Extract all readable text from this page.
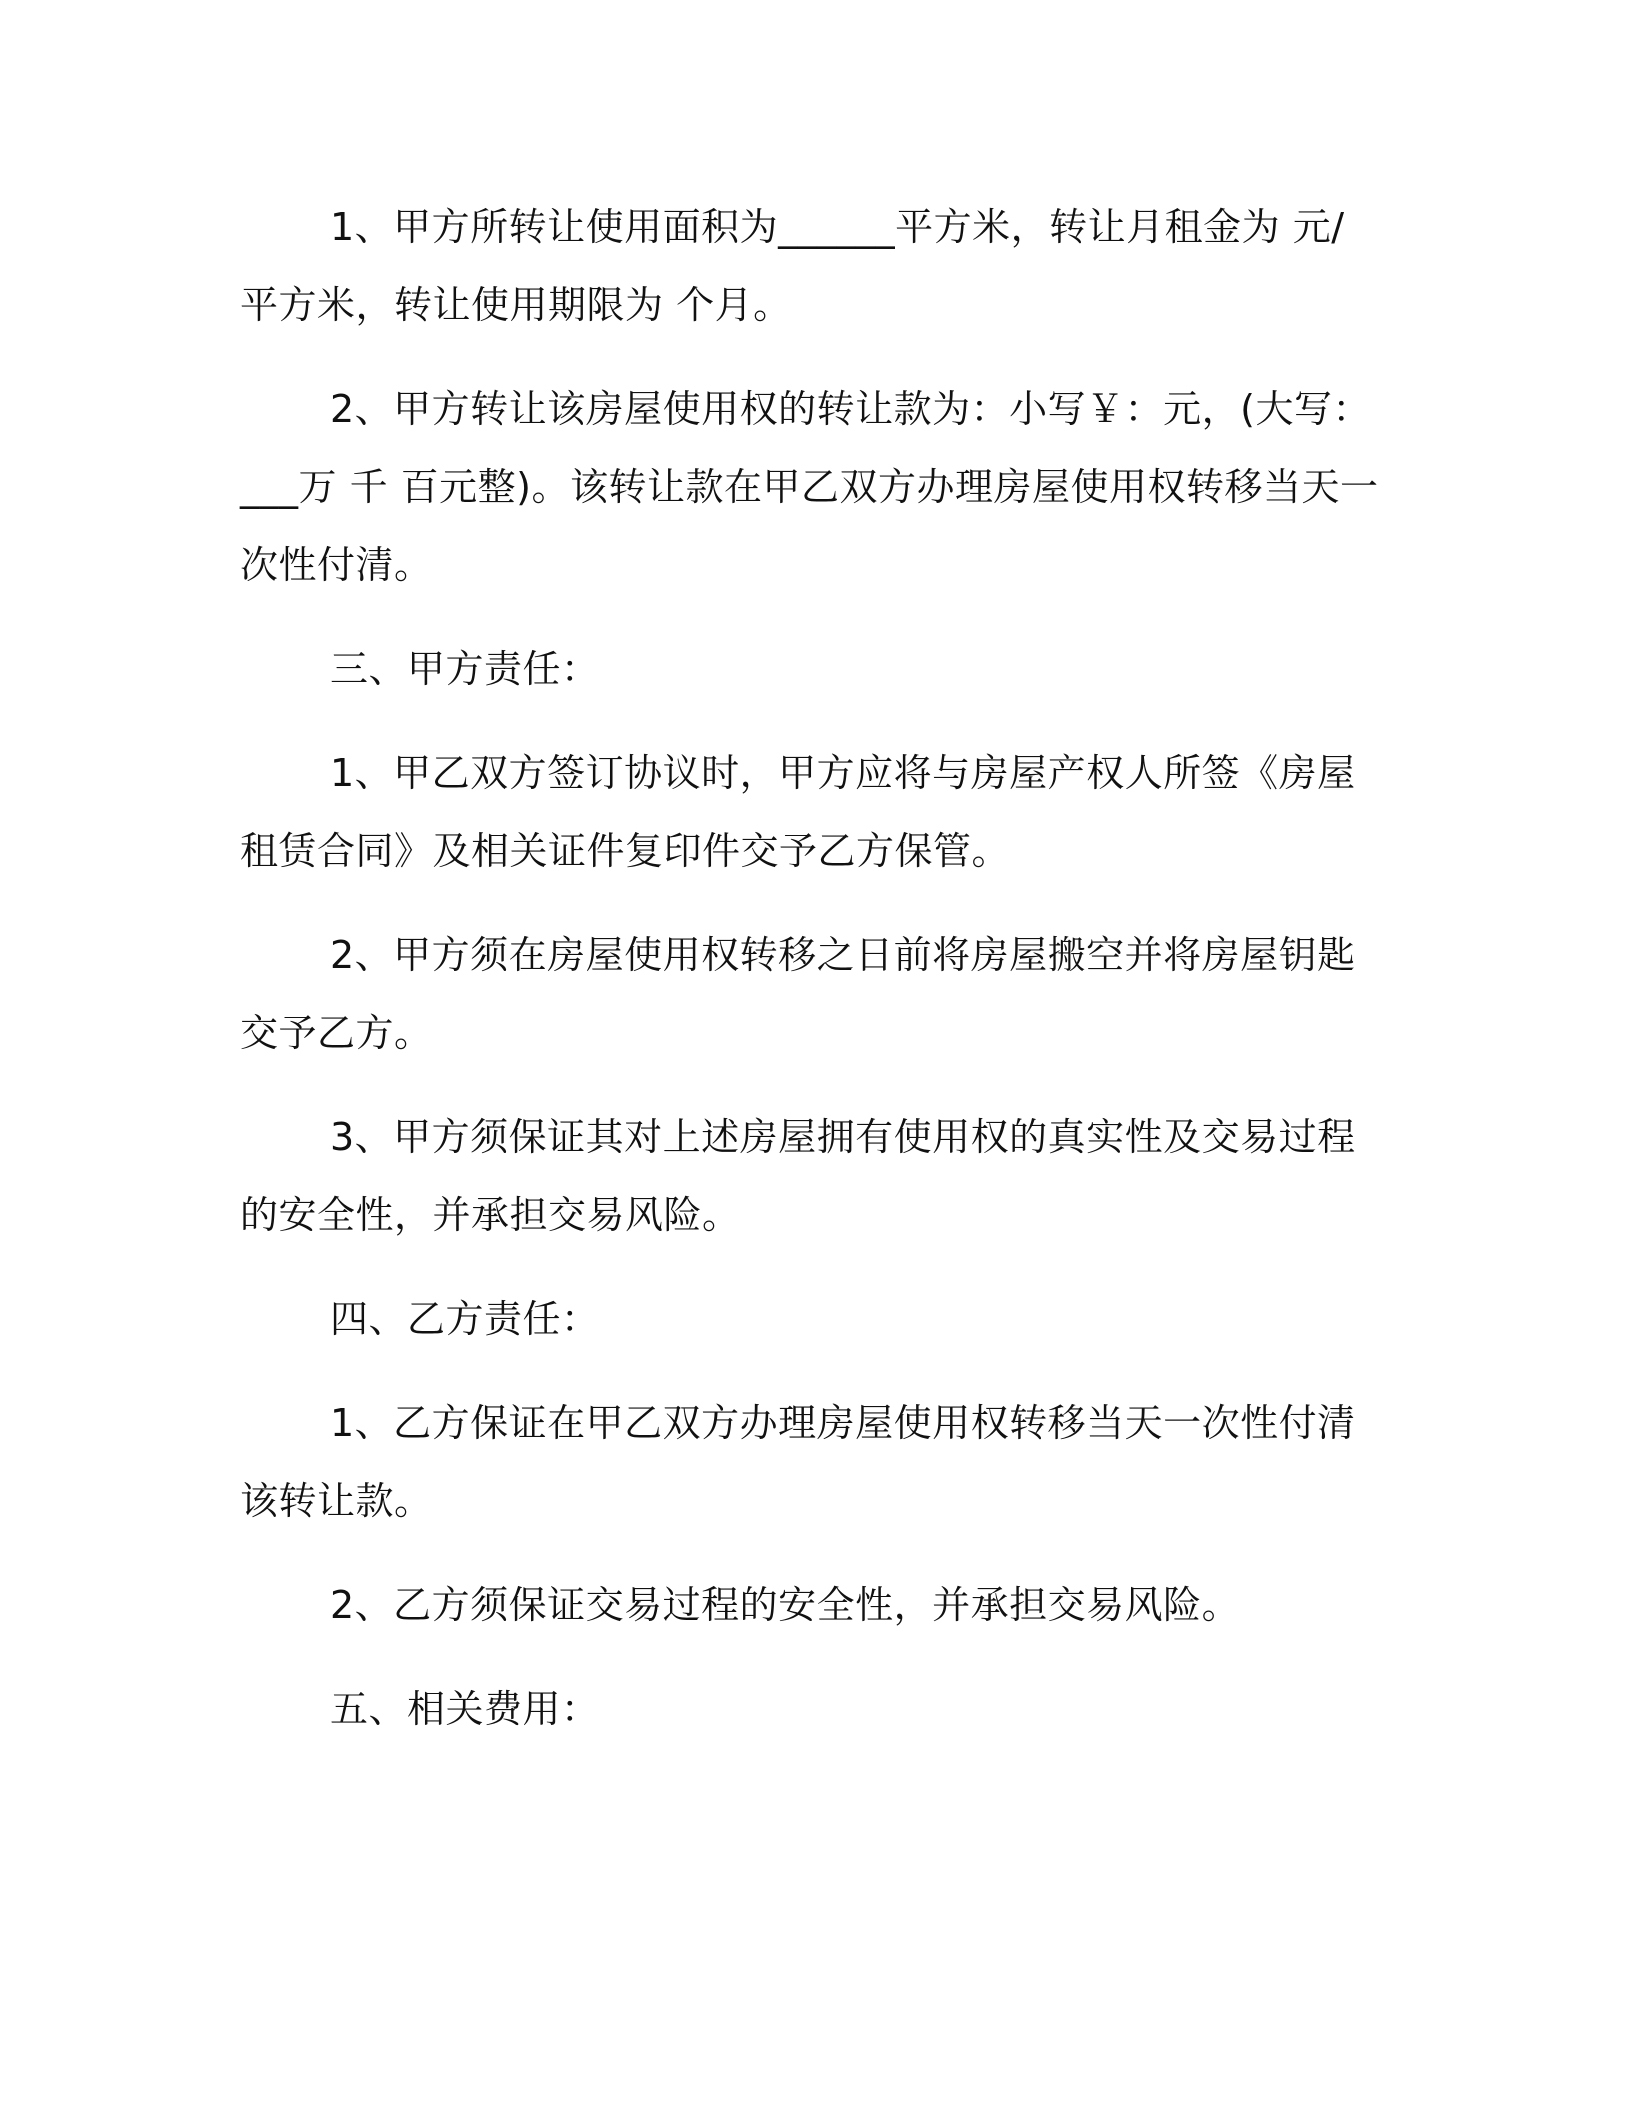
1、甲方所转让使用面积为______平方米，转让月租金为 元/平方米，转让使用期限为 个月。

2、甲方转让该房屋使用权的转让款为：小写￥：元，(大写：___万 千 百元整)。该转让款在甲乙双方办理房屋使用权转移当天一次性付清。

三、甲方责任：

1、甲乙双方签订协议时，甲方应将与房屋产权人所签《房屋租赁合同》及相关证件复印件交予乙方保管。

2、甲方须在房屋使用权转移之日前将房屋搬空并将房屋钥匙交予乙方。

3、甲方须保证其对上述房屋拥有使用权的真实性及交易过程的安全性，并承担交易风险。

四、乙方责任：

1、乙方保证在甲乙双方办理房屋使用权转移当天一次性付清该转让款。

2、乙方须保证交易过程的安全性，并承担交易风险。

五、相关费用：
